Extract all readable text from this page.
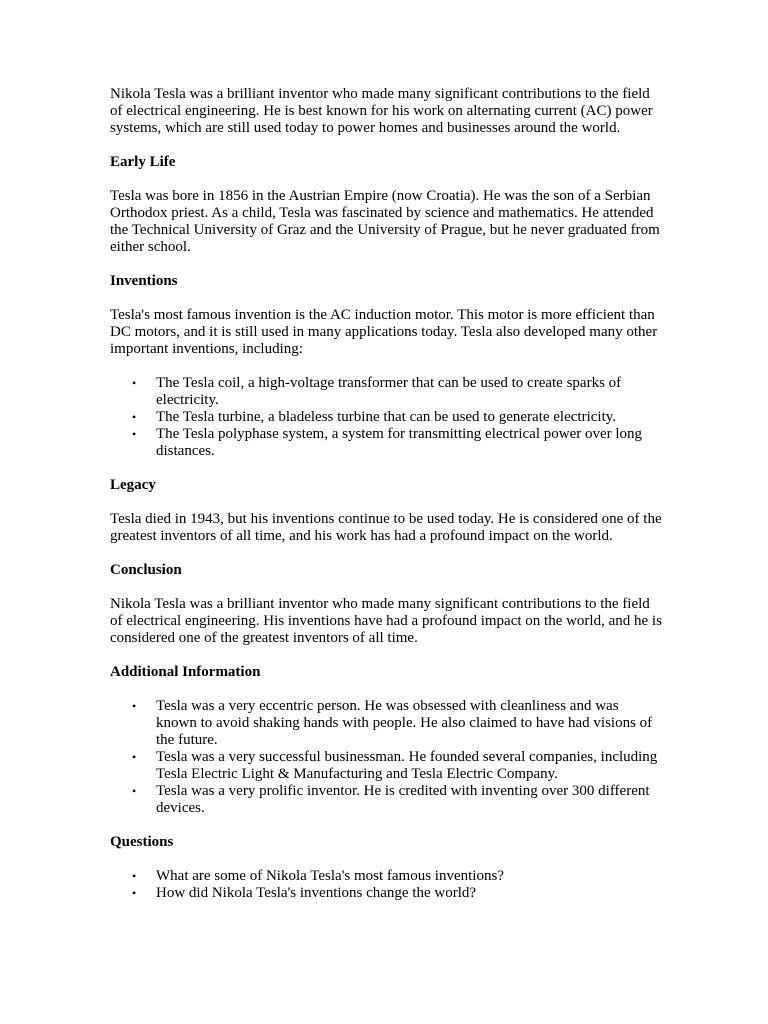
Nikola Tesla was a brilliant inventor who made many significant contributions to the field of electrical engineering. He is best known for his work on alternating current (AC) power systems, which are still used today to power homes and businesses around the world.

Early Life

Tesla was bore in 1856 in the Austrian Empire (now Croatia). He was the son of a Serbian Orthodox priest. As a child, Tesla was fascinated by science and mathematics. He attended the Technical University of Graz and the University of Prague, but he never graduated from either school.

Inventions

Tesla's most famous invention is the AC induction motor. This motor is more efficient than DC motors, and it is still used in many applications today. Tesla also developed many other important inventions, including:

• The Tesla coil, a high-voltage transformer that can be used to create sparks of electricity.
• The Tesla turbine, a bladeless turbine that can be used to generate electricity.
• The Tesla polyphase system, a system for transmitting electrical power over long distances.
Legacy

Tesla died in 1943, but his inventions continue to be used today. He is considered one of the greatest inventors of all time, and his work has had a profound impact on the world.

Conclusion

Nikola Tesla was a brilliant inventor who made many significant contributions to the field of electrical engineering. His inventions have had a profound impact on the world, and he is considered one of the greatest inventors of all time.

Additional Information
• Tesla was a very eccentric person. He was obsessed with cleanliness and was known to avoid shaking hands with people. He also claimed to have had visions of the future.
• Tesla was a very successful businessman. He founded several companies, including Tesla Electric Light & Manufacturing and Tesla Electric Company.
• Tesla was a very prolific inventor. He is credited with inventing over 300 different devices.
Questions
• What are some of Nikola Tesla's most famous inventions?
• How did Nikola Tesla's inventions change the world?
